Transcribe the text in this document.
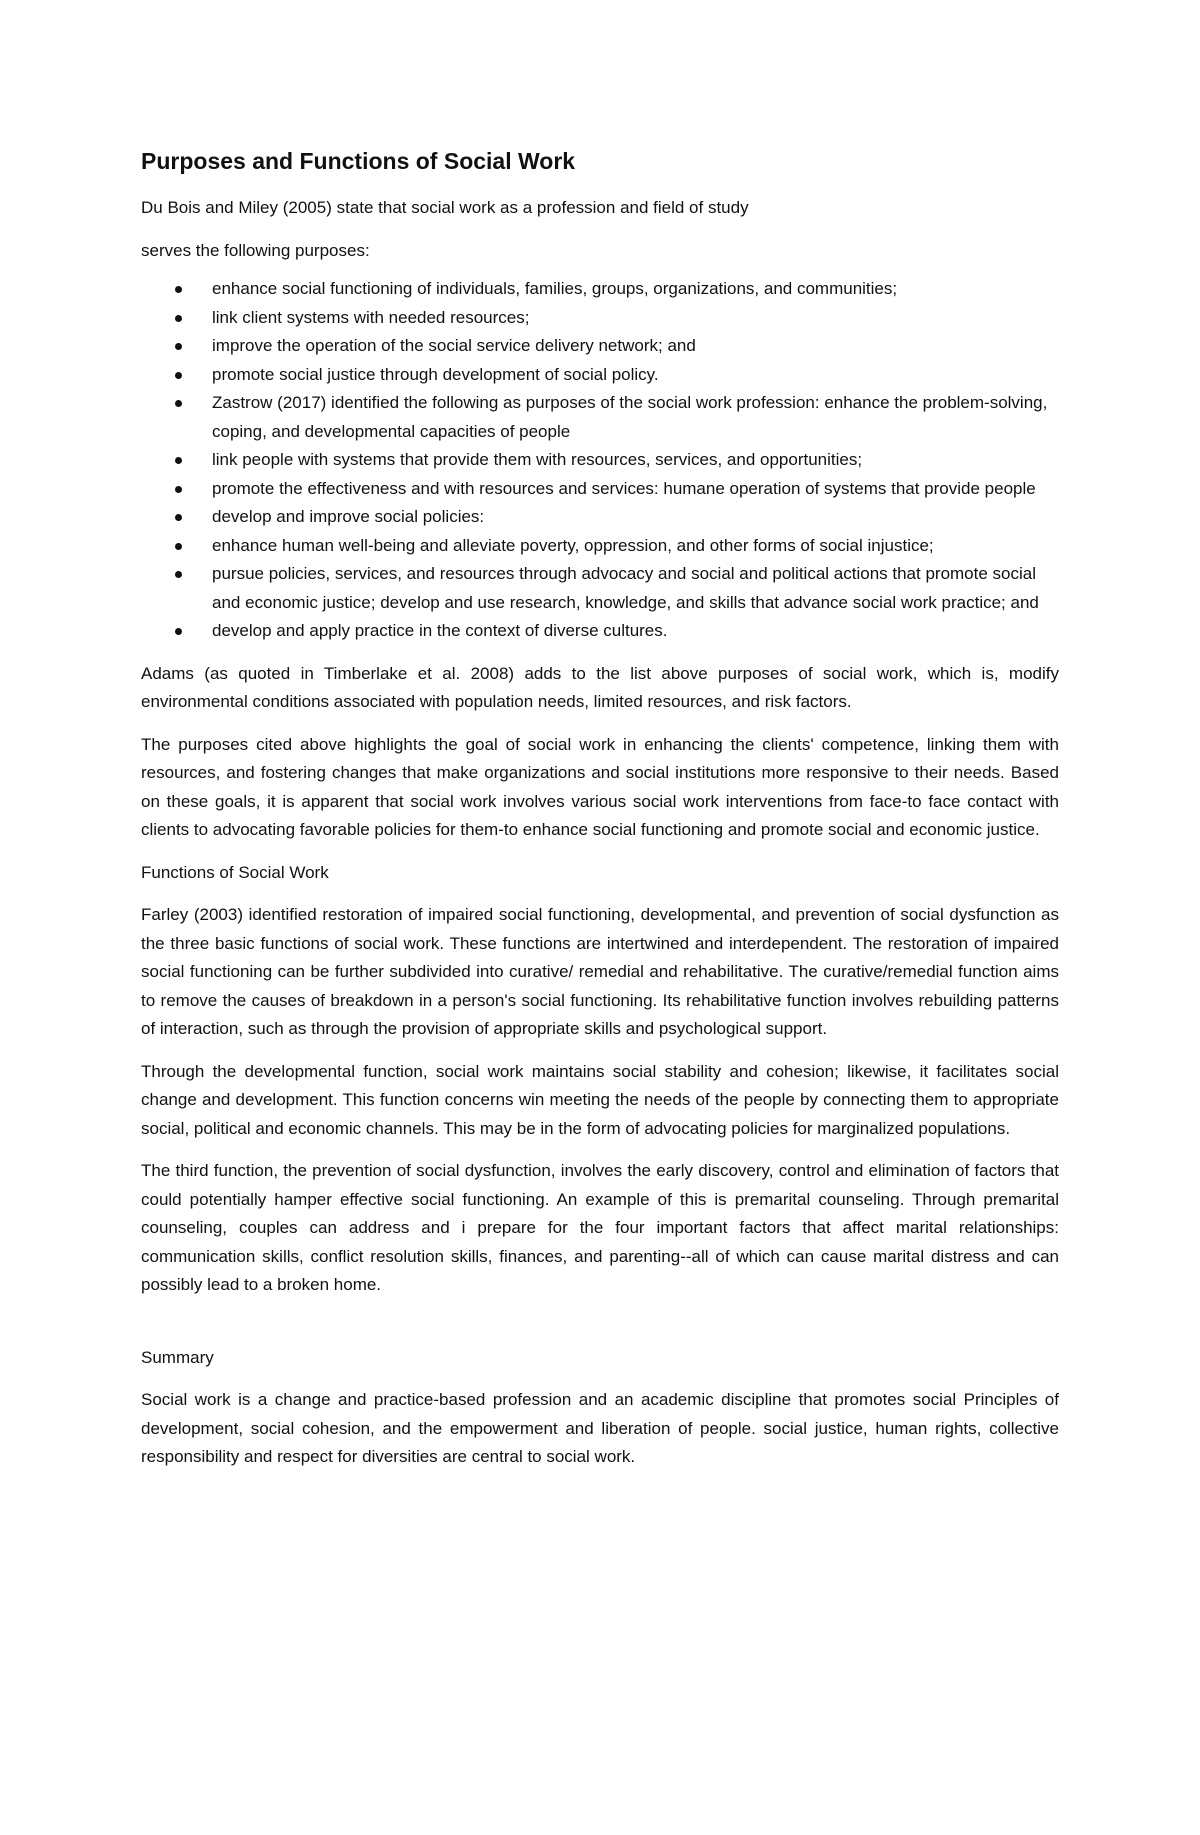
Purposes and Functions of Social Work

Du Bois and Miley (2005) state that social work as a profession and field of study

serves the following purposes:

enhance social functioning of individuals, families, groups, organizations, and communities;
link client systems with needed resources;
improve the operation of the social service delivery network; and
promote social justice through development of social policy.
Zastrow (2017) identified the following as purposes of the social work profession: enhance the problem-solving, coping, and developmental capacities of people
link people with systems that provide them with resources, services, and opportunities;
promote the effectiveness and with resources and services: humane operation of systems that provide people
develop and improve social policies:
enhance human well-being and alleviate poverty, oppression, and other forms of social injustice;
pursue policies, services, and resources through advocacy and social and political actions that promote social and economic justice; develop and use research, knowledge, and skills that advance social work practice; and
develop and apply practice in the context of diverse cultures.

Adams (as quoted in Timberlake et al. 2008) adds to the list above purposes of social work, which is, modify environmental conditions associated with population needs, limited resources, and risk factors.

The purposes cited above highlights the goal of social work in enhancing the clients' competence, linking them with resources, and fostering changes that make organizations and social institutions more responsive to their needs. Based on these goals, it is apparent that social work involves various social work interventions from face-to face contact with clients to advocating favorable policies for them-to enhance social functioning and promote social and economic justice.

Functions of Social Work

Farley (2003) identified restoration of impaired social functioning, developmental, and prevention of social dysfunction as the three basic functions of social work. These functions are intertwined and interdependent. The restoration of impaired social functioning can be further subdivided into curative/ remedial and rehabilitative. The curative/remedial function aims to remove the causes of breakdown in a person's social functioning. Its rehabilitative function involves rebuilding patterns of interaction, such as through the provision of appropriate skills and psychological support.

Through the developmental function, social work maintains social stability and cohesion; likewise, it facilitates social change and development. This function concerns win meeting the needs of the people by connecting them to appropriate social, political and economic channels. This may be in the form of advocating policies for marginalized populations.

The third function, the prevention of social dysfunction, involves the early discovery, control and elimination of factors that could potentially hamper effective social functioning. An example of this is premarital counseling. Through premarital counseling, couples can address and i prepare for the four important factors that affect marital relationships: communication skills, conflict resolution skills, finances, and parenting--all of which can cause marital distress and can possibly lead to a broken home.

Summary

Social work is a change and practice-based profession and an academic discipline that promotes social Principles of development, social cohesion, and the empowerment and liberation of people. social justice, human rights, collective responsibility and respect for diversities are central to social work.
